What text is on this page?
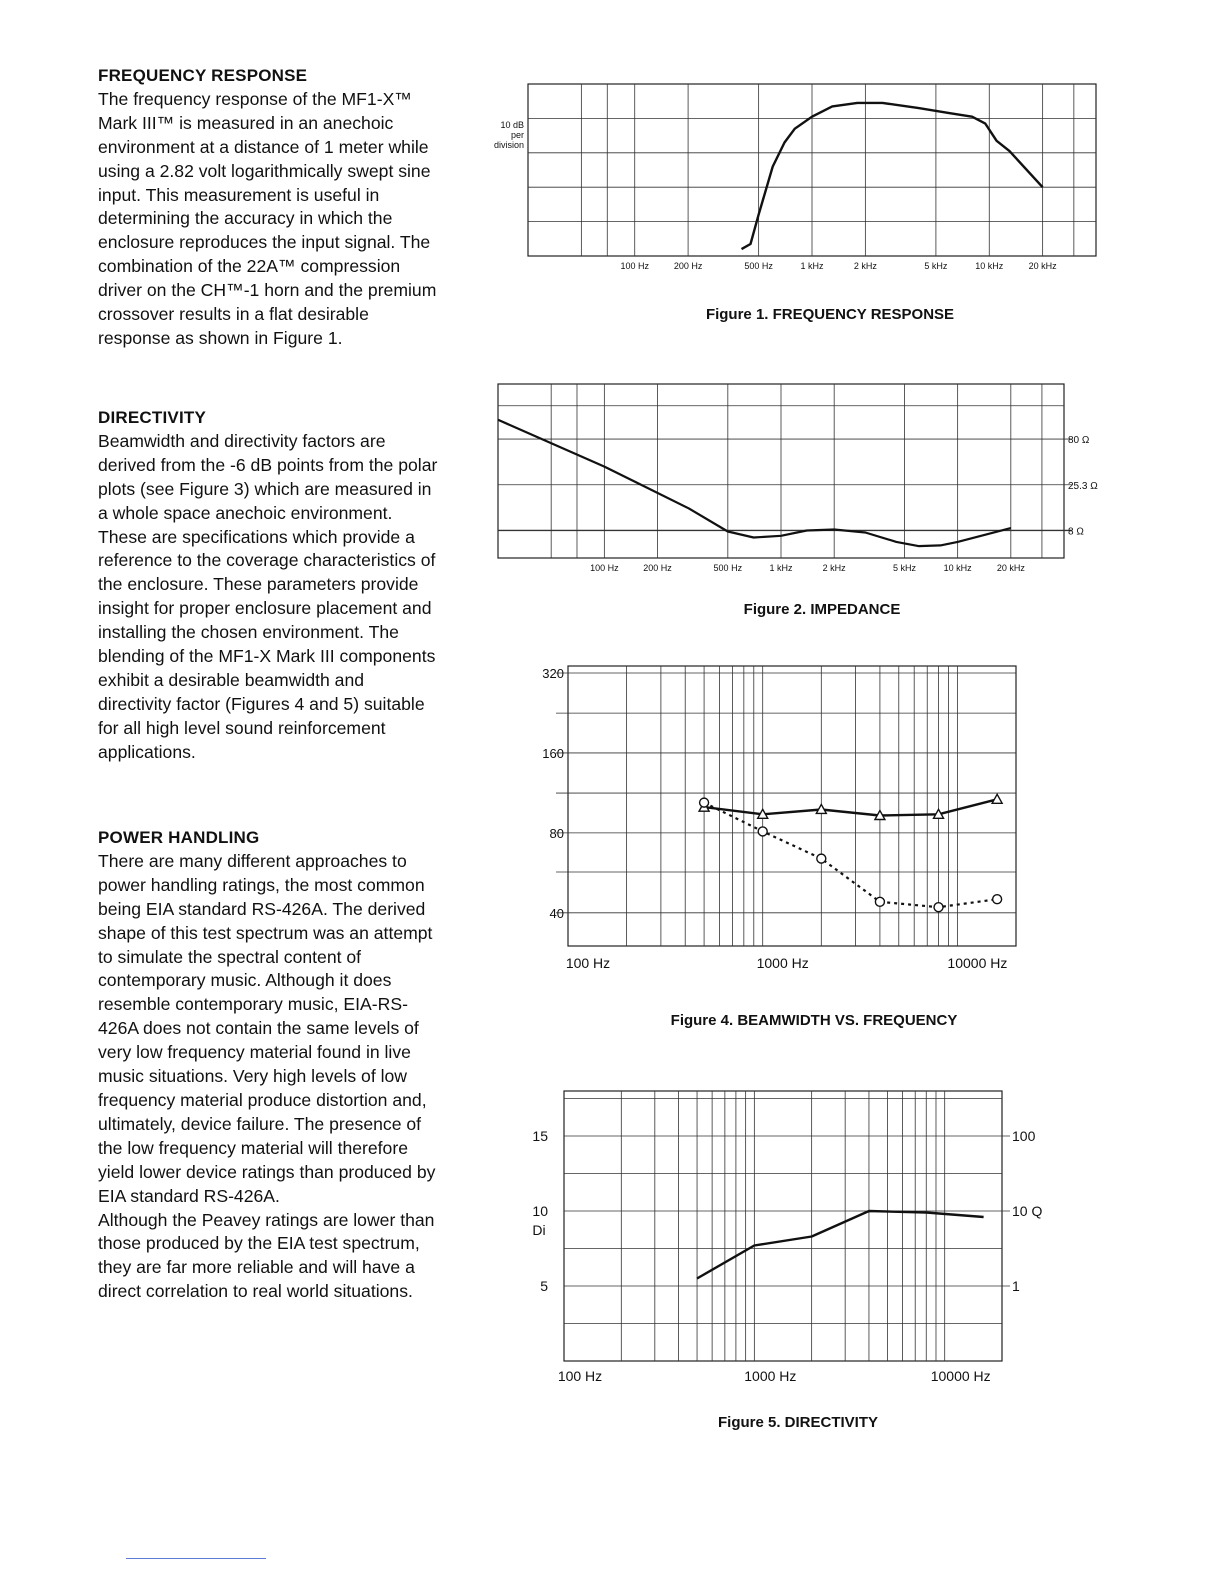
FREQUENCY RESPONSE

The frequency response of the MF1-X™ Mark III™ is measured in an anechoic environment at a distance of 1 meter while using a 2.82 volt logarithmically swept sine input. This measurement is useful in determining the accuracy in which the enclosure reproduces the input signal. The combination of the 22A™ compression driver on the CH™-1 horn and the premium crossover results in a flat desirable response as shown in Figure 1.

DIRECTIVITY

Beamwidth and directivity factors are derived from the -6 dB points from the polar plots (see Figure 3) which are measured in a whole space anechoic environment. These are specifications which provide a reference to the coverage characteristics of the enclosure. These parameters provide insight for proper enclosure placement and installing the chosen environment. The blending of the MF1-X Mark III components exhibit a desirable beamwidth and directivity factor (Figures 4 and 5) suitable for all high level sound reinforcement applications.

POWER HANDLING

There are many different approaches to power handling ratings, the most common being EIA standard RS-426A. The derived shape of this test spectrum was an attempt to simulate the spectral content of contemporary music. Although it does resemble contemporary music, EIA-RS-426A does not contain the same levels of very low frequency material found in live music situations. Very high levels of low frequency material produce distortion and, ultimately, device failure. The presence of the low frequency material will therefore yield lower device ratings than produced by EIA standard RS-426A.

Although the Peavey ratings are lower than those produced by the EIA test spectrum, they are far more reliable and will have a direct correlation to real world situations.

100 Hz	200 Hz	500 Hz	1 kHz	2 kHz	5 kHz	10 kHz	20 kHz
10 dB
per
division
Figure 1. FREQUENCY RESPONSE
100 Hz	200 Hz	500 Hz	1 kHz	2 kHz	5 kHz	10 kHz	20 kHz
80 Ω
25.3 Ω
8 Ω
Figure 2. IMPEDANCE
320
160
80
40
100 Hz	1000 Hz	10000 Hz
Figure 4. BEAMWIDTH VS. FREQUENCY
15
10
5
Di
100
10 Q
1
100 Hz	1000 Hz	10000 Hz
Figure 5. DIRECTIVITY
